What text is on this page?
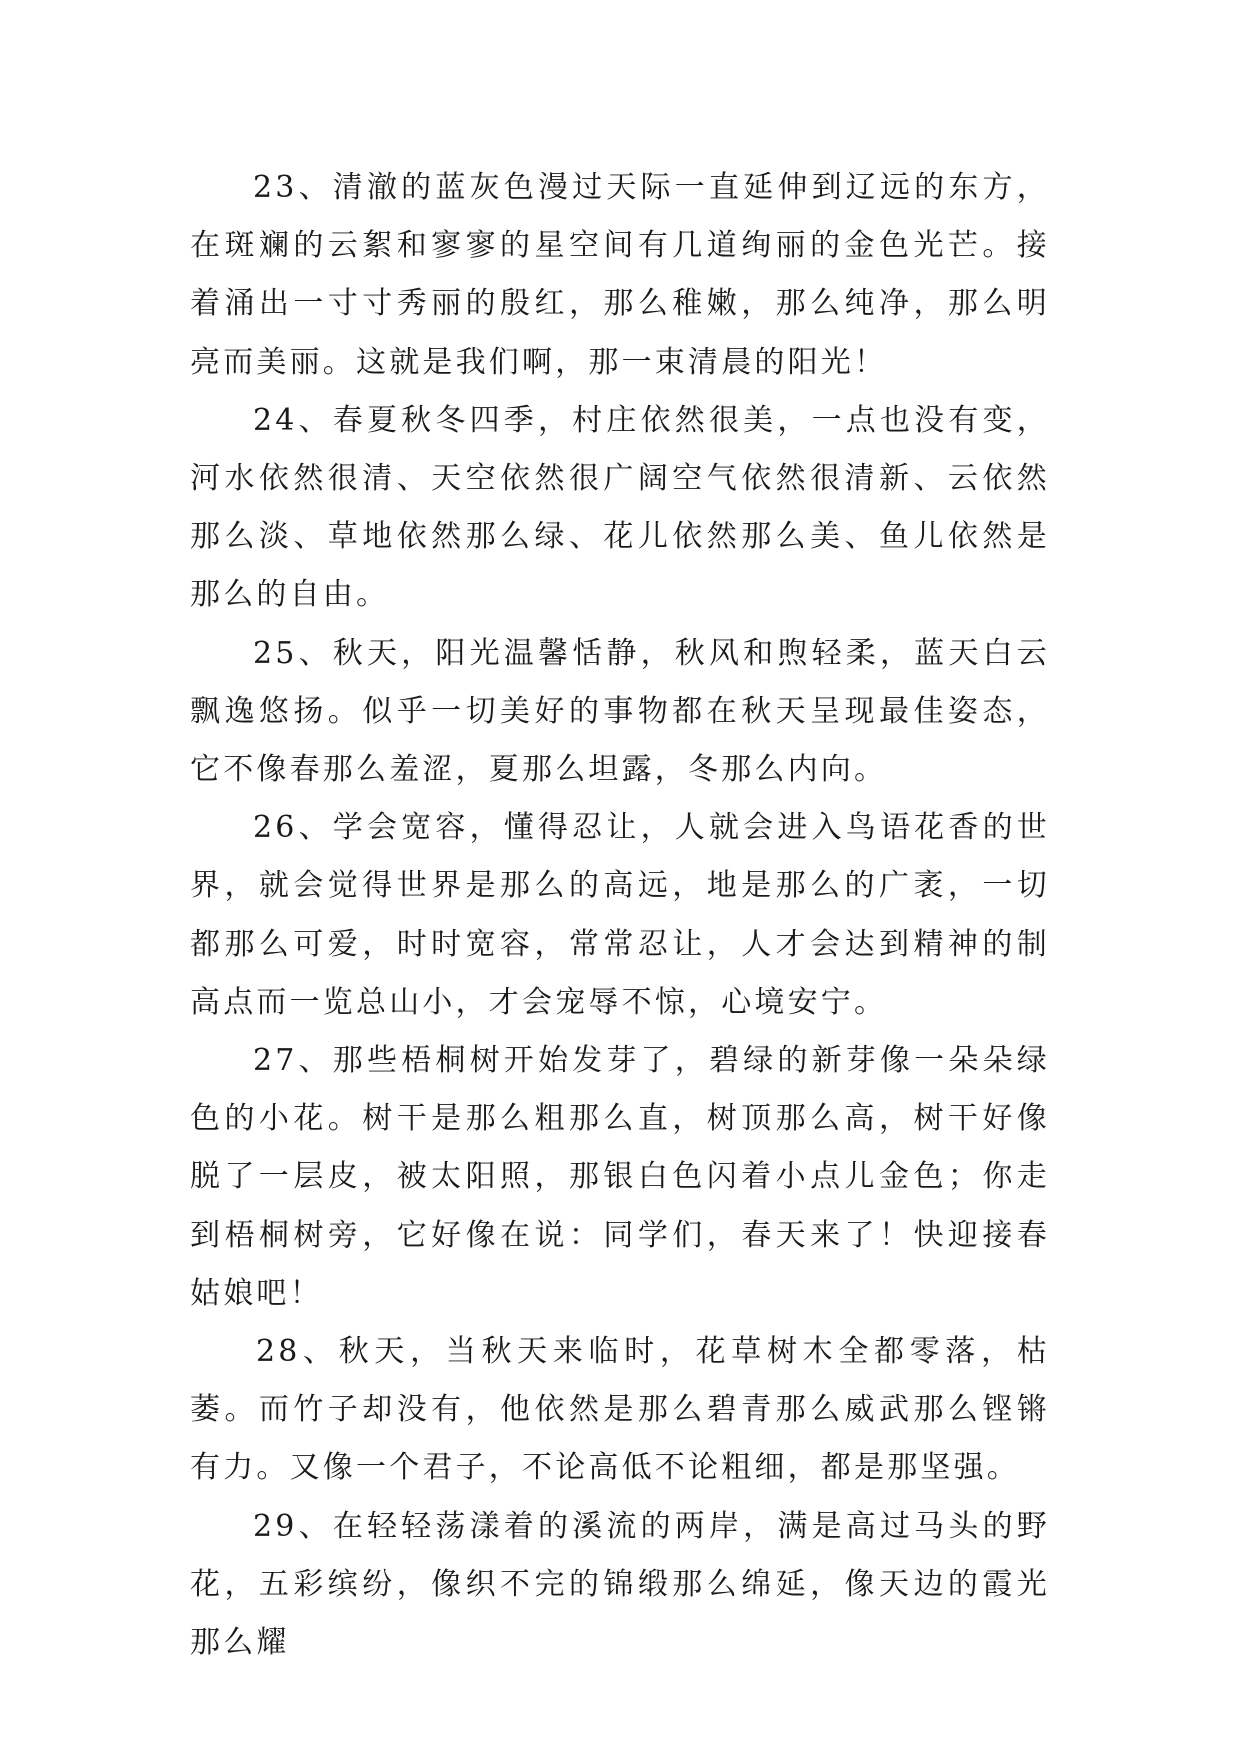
23、清澈的蓝灰色漫过天际一直延伸到辽远的东方，在斑斓的云絮和寥寥的星空间有几道绚丽的金色光芒。接着涌出一寸寸秀丽的殷红，那么稚嫩，那么纯净，那么明亮而美丽。这就是我们啊，那一束清晨的阳光！

24、春夏秋冬四季，村庄依然很美，一点也没有变，河水依然很清、天空依然很广阔空气依然很清新、云依然那么淡、草地依然那么绿、花儿依然那么美、鱼儿依然是那么的自由。

25、秋天，阳光温馨恬静，秋风和煦轻柔，蓝天白云飘逸悠扬。似乎一切美好的事物都在秋天呈现最佳姿态，它不像春那么羞涩，夏那么坦露，冬那么内向。

26、学会宽容，懂得忍让，人就会进入鸟语花香的世界，就会觉得世界是那么的高远，地是那么的广袤，一切都那么可爱，时时宽容，常常忍让，人才会达到精神的制高点而一览总山小，才会宠辱不惊，心境安宁。

27、那些梧桐树开始发芽了，碧绿的新芽像一朵朵绿色的小花。树干是那么粗那么直，树顶那么高，树干好像脱了一层皮，被太阳照，那银白色闪着小点儿金色；你走到梧桐树旁，它好像在说：同学们，春天来了！快迎接春姑娘吧！

28、秋天，当秋天来临时，花草树木全都零落，枯萎。而竹子却没有，他依然是那么碧青那么威武那么铿锵有力。又像一个君子，不论高低不论粗细，都是那坚强。

29、在轻轻荡漾着的溪流的两岸，满是高过马头的野花，五彩缤纷，像织不完的锦缎那么绵延，像天边的霞光那么耀
